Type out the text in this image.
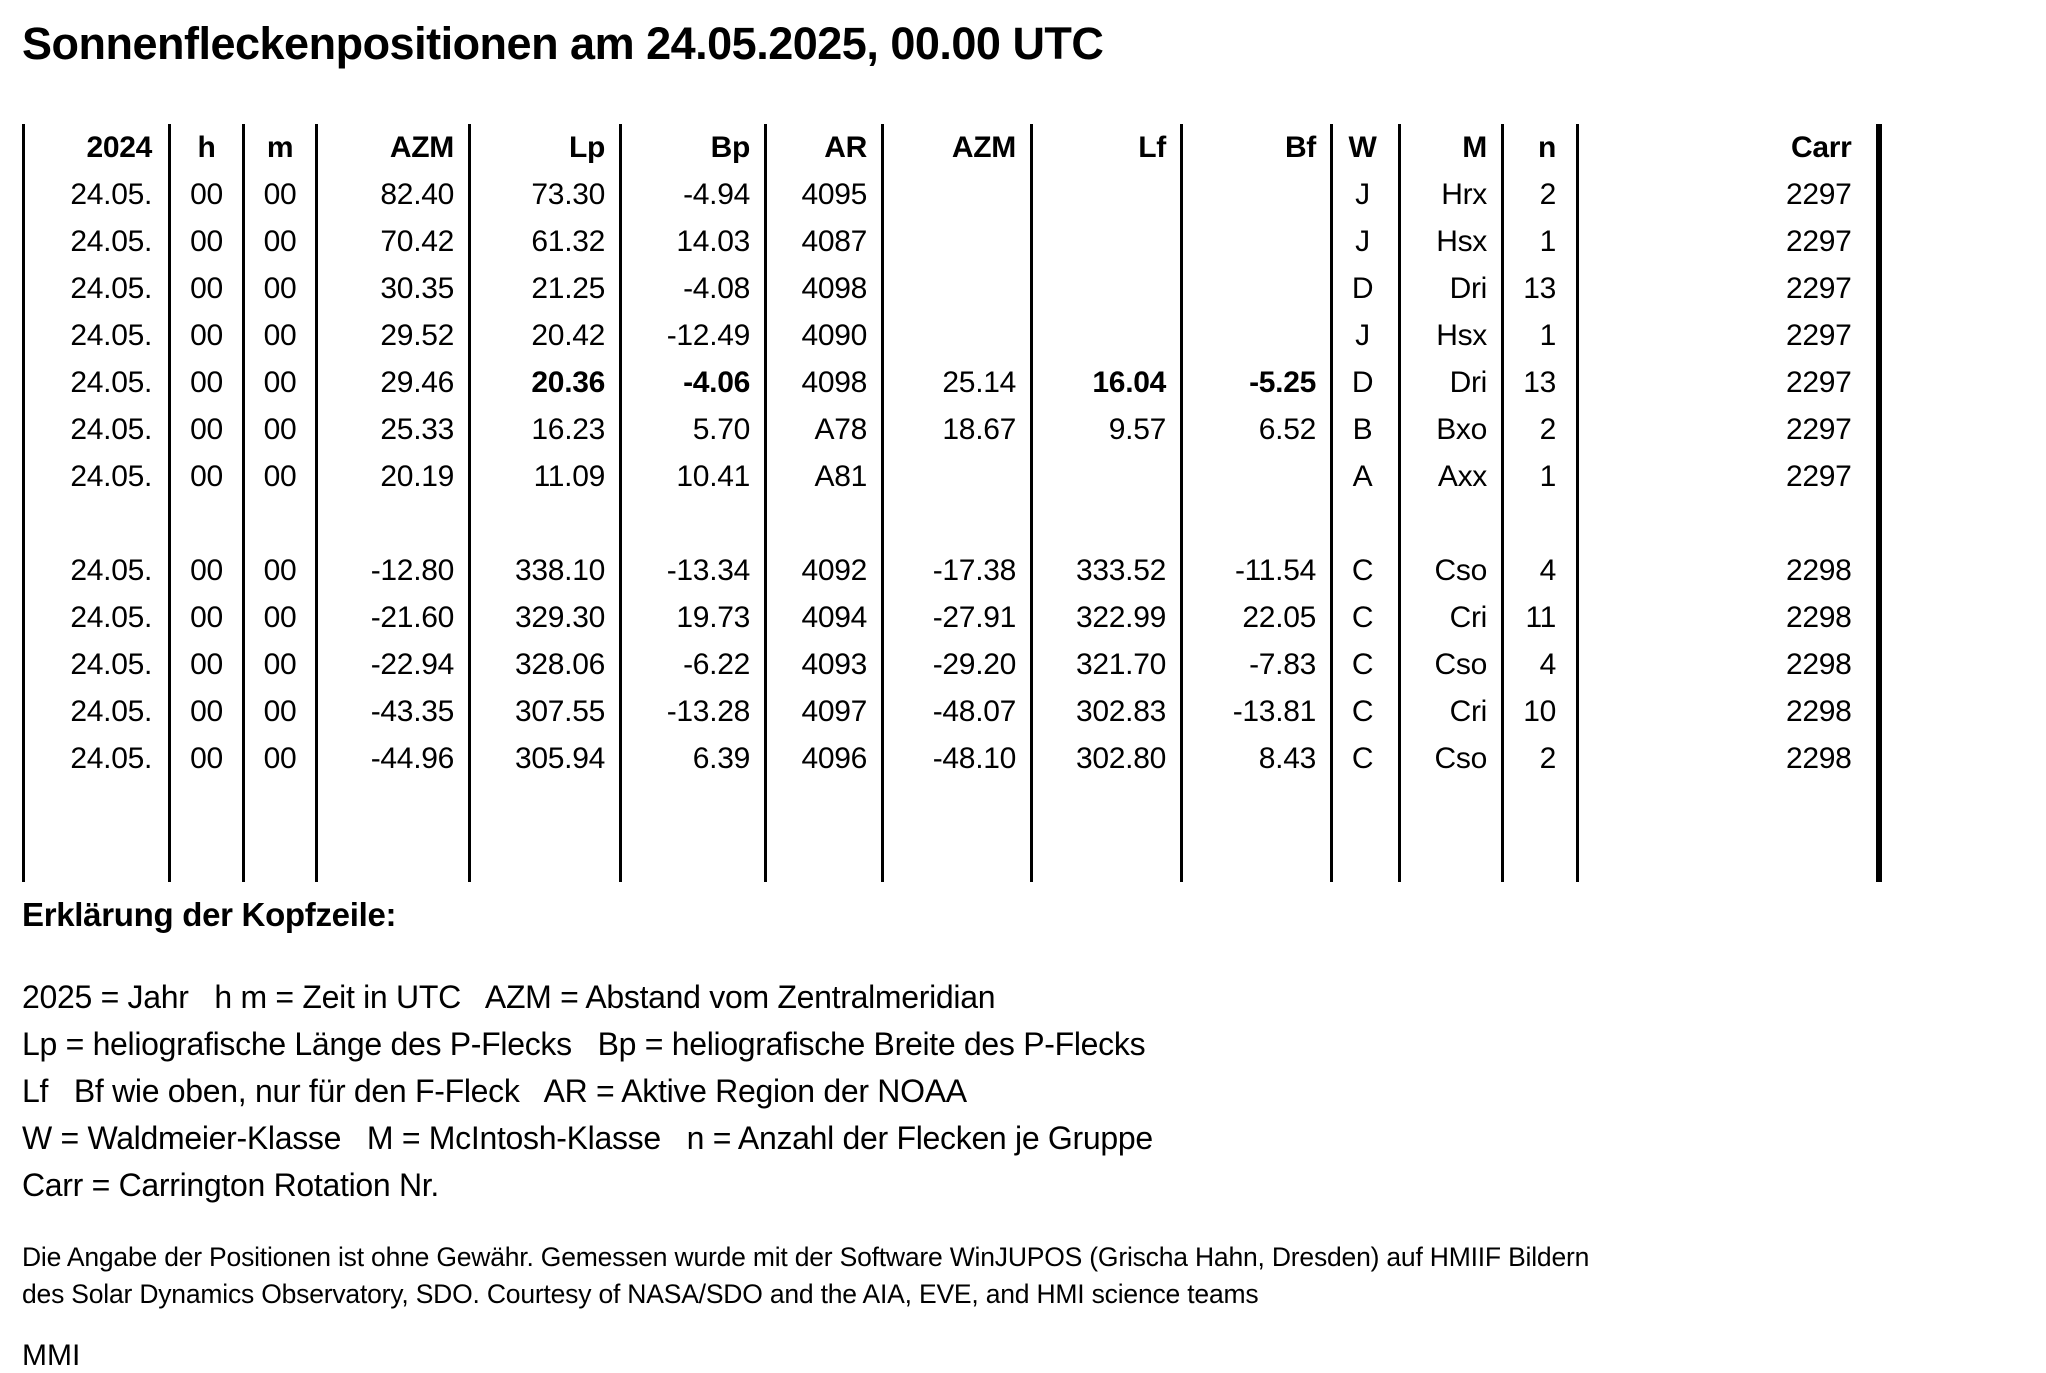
Sonnenfleckenpositionen am 24.05.2025, 00.00 UTC
2024	h	m	AZM	Lp	Bp	AR	AZM	Lf	Bf	W	M	n	Carr
24.05.	00	00	82.40	73.30	-4.94	4095				J	Hrx	2	2297
24.05.	00	00	70.42	61.32	14.03	4087				J	Hsx	1	2297
24.05.	00	00	30.35	21.25	-4.08	4098				D	Dri	13	2297
24.05.	00	00	29.52	20.42	-12.49	4090				J	Hsx	1	2297
24.05.	00	00	29.46	20.36	-4.06	4098	25.14	16.04	-5.25	D	Dri	13	2297
24.05.	00	00	25.33	16.23	5.70	A78	18.67	9.57	6.52	B	Bxo	2	2297
24.05.	00	00	20.19	11.09	10.41	A81				A	Axx	1	2297

24.05.	00	00	-12.80	338.10	-13.34	4092	-17.38	333.52	-11.54	C	Cso	4	2298
24.05.	00	00	-21.60	329.30	19.73	4094	-27.91	322.99	22.05	C	Cri	11	2298
24.05.	00	00	-22.94	328.06	-6.22	4093	-29.20	321.70	-7.83	C	Cso	4	2298
24.05.	00	00	-43.35	307.55	-13.28	4097	-48.07	302.83	-13.81	C	Cri	10	2298
24.05.	00	00	-44.96	305.94	6.39	4096	-48.10	302.80	8.43	C	Cso	2	2298

Erklärung der Kopfzeile:
2025 = Jahr   h m = Zeit in UTC   AZM = Abstand vom Zentralmeridian
Lp = heliografische Länge des P-Flecks   Bp = heliografische Breite des P-Flecks
Lf   Bf wie oben, nur für den F-Fleck   AR = Aktive Region der NOAA
W = Waldmeier-Klasse   M = McIntosh-Klasse   n = Anzahl der Flecken je Gruppe
Carr = Carrington Rotation Nr.
Die Angabe der Positionen ist ohne Gewähr. Gemessen wurde mit der Software WinJUPOS (Grischa Hahn, Dresden) auf HMIIF Bildern
des Solar Dynamics Observatory, SDO. Courtesy of NASA/SDO and the AIA, EVE, and HMI science teams
MMI
